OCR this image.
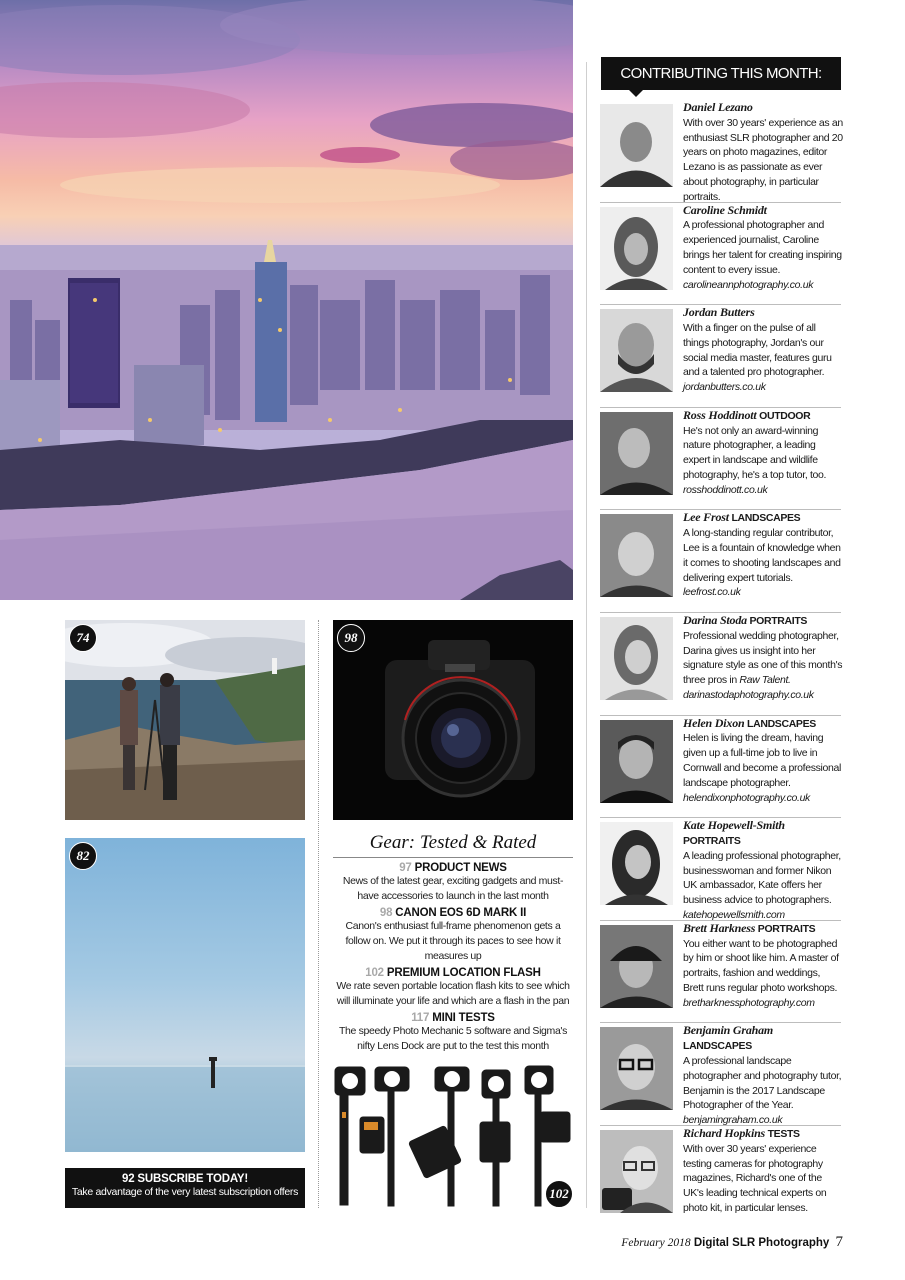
74
82
92 SUBSCRIBE TODAY!
Take advantage of the very latest subscription offers
98
Gear: Tested & Rated
97 PRODUCT NEWS
News of the latest gear, exciting gadgets and must-have accessories to launch in the last month
98 CANON EOS 6D MARK II
Canon's enthusiast full-frame phenomenon gets a follow on. We put it through its paces to see how it measures up
102 PREMIUM LOCATION FLASH
We rate seven portable location flash kits to see which will illuminate your life and which are a flash in the pan
117 MINI TESTS
The speedy Photo Mechanic 5 software and Sigma's nifty Lens Dock are put to the test this month
102
CONTRIBUTING THIS MONTH:
Daniel Lezano
With over 30 years' experience as an enthusiast SLR photographer and 20 years on photo magazines, editor Lezano is as passionate as ever about photography, in particular portraits.
Caroline Schmidt
A professional photographer and experienced journalist, Caroline brings her talent for creating inspiring content to every issue.
carolineannphotography.co.uk
Jordan Butters
With a finger on the pulse of all things photography, Jordan's our social media master, features guru and a talented pro photographer.
jordanbutters.co.uk
Ross Hoddinott OUTDOOR
He's not only an award-winning nature photographer, a leading expert in landscape and wildlife photography, he's a top tutor, too.
rosshoddinott.co.uk
Lee Frost LANDSCAPES
A long-standing regular contributor, Lee is a fountain of knowledge when it comes to shooting landscapes and delivering expert tutorials.
leefrost.co.uk
Darina Stoda PORTRAITS
Professional wedding photographer, Darina gives us insight into her signature style as one of this month's three pros in Raw Talent.
darinastodaphotography.co.uk
Helen Dixon LANDSCAPES
Helen is living the dream, having given up a full-time job to live in Cornwall and become a professional landscape photographer.
helendixonphotography.co.uk
Kate Hopewell-Smith PORTRAITS
A leading professional photographer, businesswoman and former Nikon UK ambassador, Kate offers her business advice to photographers.
katehopewellsmith.com
Brett Harkness PORTRAITS
You either want to be photographed by him or shoot like him. A master of portraits, fashion and weddings, Brett runs regular photo workshops.
bretharknessphotography.com
Benjamin Graham LANDSCAPES
A professional landscape photographer and photography tutor, Benjamin is the 2017 Landscape Photographer of the Year.
benjamingraham.co.uk
Richard Hopkins TESTS
With over 30 years' experience testing cameras for photography magazines, Richard's one of the UK's leading technical experts on photo kit, in particular lenses.
February 2018 Digital SLR Photography 7
